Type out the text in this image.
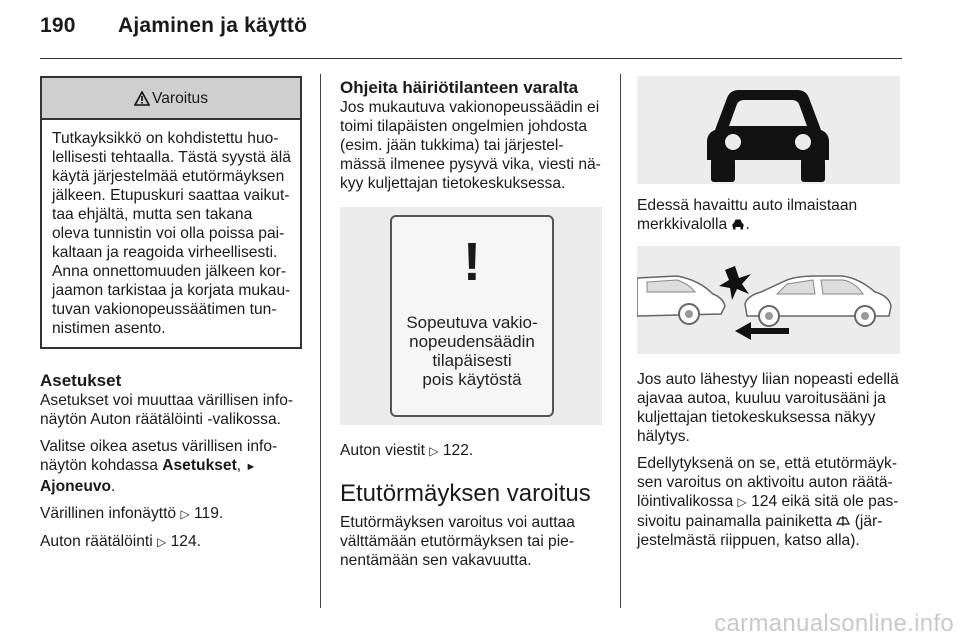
190 Ajaminen ja käyttö
Varoitus
Tutkayksikkö on kohdistettu huo-
lellisesti tehtaalla. Tästä syystä älä
käytä järjestelmää etutörmäyksen
jälkeen. Etupuskuri saattaa vaikut-
taa ehjältä, mutta sen takana
oleva tunnistin voi olla poissa pai-
kaltaan ja reagoida virheellisesti.
Anna onnettomuuden jälkeen kor-
jaamon tarkistaa ja korjata mukau-
tuvan vakionopeussäätimen tun-
nistimen asento.
Asetukset

Asetukset voi muuttaa värillisen info-
näytön Auton räätälöinti -valikossa.

Valitse oikea asetus värillisen info-
näytön kohdassa Asetukset, ►
Ajoneuvo.

Värillinen infonäyttö ▷ 119.

Auton räätälöinti ▷ 124.

Ohjeita häiriötilanteen varalta
Jos mukautuva vakionopeussäädin ei
toimi tilapäisten ongelmien johdosta
(esim. jään tukkima) tai järjestel-
mässä ilmenee pysyvä vika, viesti nä-
kyy kuljettajan tietokeskuksessa.
!
Sopeutuva vakio-
nopeudensäädin
tilapäisesti
pois käytöstä

Auton viestit ▷ 122.

Etutörmäyksen varoitus
Etutörmäyksen varoitus voi auttaa
välttämään etutörmäyksen tai pie-
nentämään sen vakavuutta.

Edessä havaittu auto ilmaistaan
merkkivalolla .

Jos auto lähestyy liian nopeasti edellä
ajavaa autoa, kuuluu varoitusääni ja
kuljettajan tietokeskuksessa näkyy
hälytys.

Edellytyksenä on se, että etutörmäyk-
sen varoitus on aktivoitu auton räätä-
löintivalikossa ▷ 124 eikä sitä ole pas-
sivoitu painamalla painiketta  (jär-
jestelmästä riippuen, katso alla).

carmanualsonline.info
